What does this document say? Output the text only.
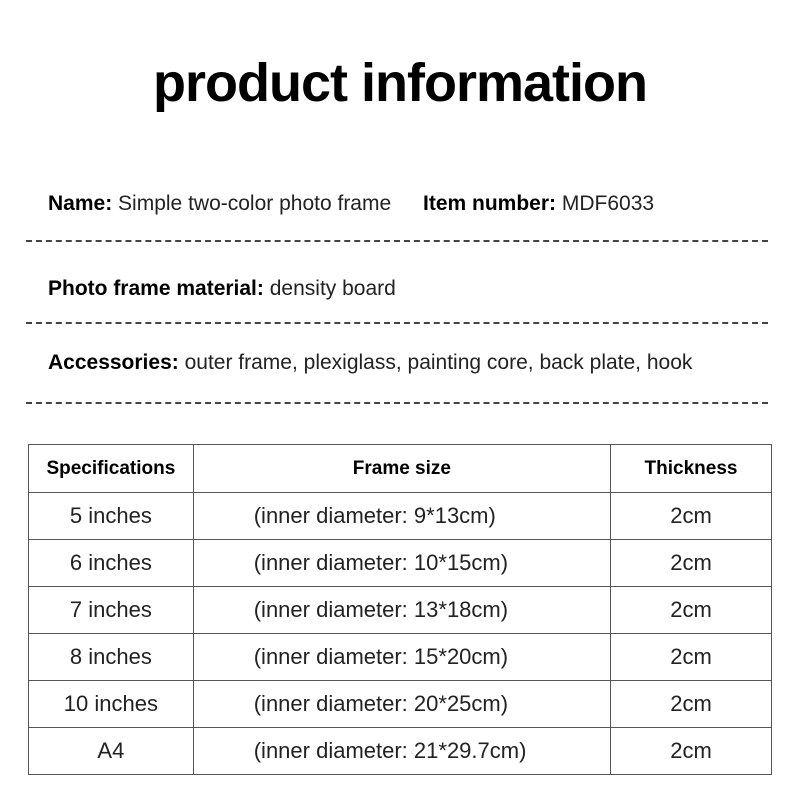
product information
Name: Simple two-color photo frame Item number: MDF6033
Photo frame material: density board
Accessories: outer frame, plexiglass, painting core, back plate, hook
Specifications	Frame size	Thickness
5 inches	(inner diameter: 9*13cm)	2cm
6 inches	(inner diameter: 10*15cm)	2cm
7 inches	(inner diameter: 13*18cm)	2cm
8 inches	(inner diameter: 15*20cm)	2cm
10 inches	(inner diameter: 20*25cm)	2cm
A4	(inner diameter: 21*29.7cm)	2cm
